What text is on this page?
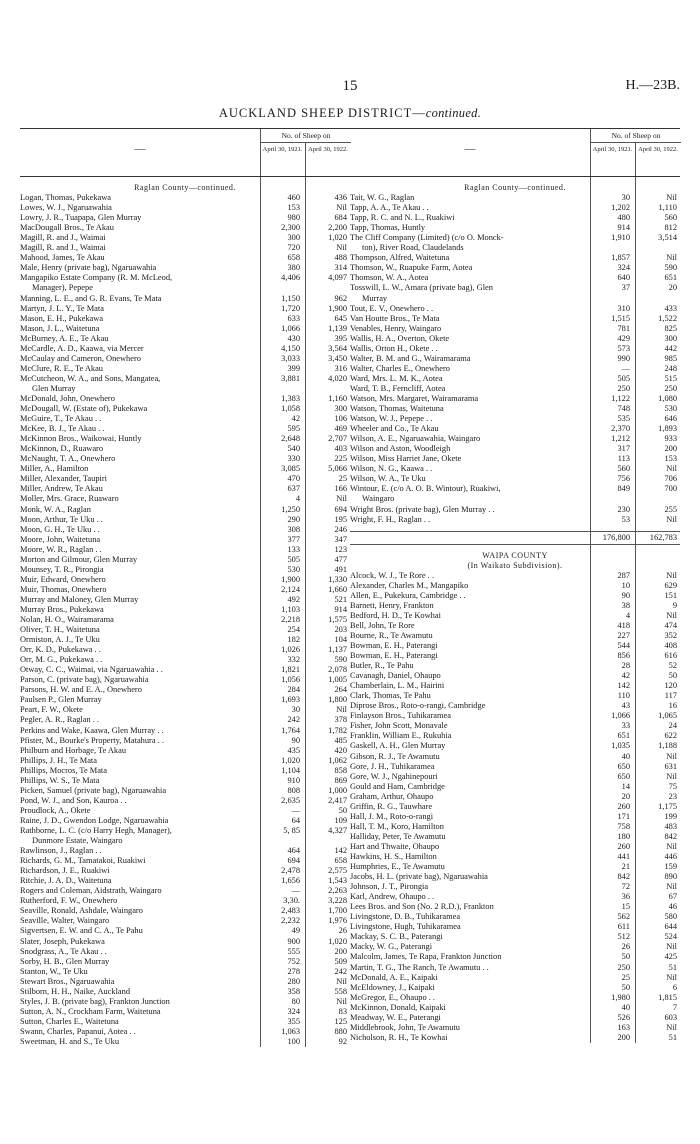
15	H.—23B.
AUCKLAND SHEEP DISTRICT—continued.
—
No. of Sheep on
April 30, 1921. April 30, 1922.
Raglan County—continued.
Logan, Thomas, Pukekawa	460	436
Lowes, W. J., Ngaruawahia	153	Nil
Lowry, J. R., Tuapapa, Glen Murray	980	684
MacDougall Bros., Te Akau	2,300	2,200
Magill, R. and J., Waimai	300	1,020
Magill, R. and J., Waimai	720	Nil
Mahood, James, Te Akau	658	488
Male, Henry (private bag), Ngaruawahia	380	314
Mangapiko Estate Company (R. M. McLeod,	4,406	4,097
Manager), Pepepe
Manning, L. E., and G. R. Evans, Te Mata	1,150	962
Martyn, J. L. Y., Te Mata	1,720	1,900
Mason, E. H., Pukekawa	633	645
Mason, J. L., Waitetuna	1,066	1,139
McBurney, A. E., Te Akau	430	395
McCardle, A. D., Kaawa, via Mercer	4,150	3,564
McCaulay and Cameron, Onewhero	3,033	3,450
McClure, R. E., Te Akau	399	316
McCutcheon, W. A., and Sons, Mangatea,	3,881	4,020
Glen Murray
McDonald, John, Onewhero	1,383	1,160
McDougall, W. (Estate of), Pukekawa	1,058	300
McGuire, T., Te Akau . .	42	106
McKee, B. J., Te Akau . .	595	469
McKinnon Bros., Waikowai, Huntly	2,648	2,707
McKinnon, D., Ruawaro	540	403
McNaught, T. A., Onewhero	330	225
Miller, A., Hamilton	3,085	5,066
Miller, Alexander, Taupiri	470	25
Miller, Andrew, Te Akau	637	166
Moller, Mrs. Grace, Ruawaro	4	Nil
Monk, W. A., Raglan	1,250	694
Moon, Arthur, Te Uku . .	290	195
Moon, G. H., Te Uku . .	308	246
Moore, John, Waitetuna	377	347
Moore, W. R., Raglan . .	133	123
Morton and Gilmour, Glen Murray	505	477
Mounsey, T. R., Pirongia	530	491
Muir, Edward, Onewhero	1,900	1,330
Muir, Thomas, Onewhero	2,124	1,660
Murray and Maloney, Glen Murray	492	521
Murray Bros., Pukekawa	1,103	914
Nolan, H. O., Wairamarama	2,218	1,575
Oliver, T. H., Waitetuna	254	203
Ormiston, A. J., Te Uku	182	104
Orr, K. D., Pukekawa . .	1,026	1,137
Orr, M. G., Pukekawa . .	332	590
Otway, C. C., Waimai, via Ngaruawahia . .	1,821	2,078
Parson, C. (private bag), Ngaruawahia	1,056	1,005
Parsons, H. W. and E. A., Onewhero	284	264
Paulsen P., Glen Murray	1,693	1,800
Peart, F. W., Okete	30	Nil
Pegler, A. R., Raglan . .	242	378
Perkins and Wake, Kaawa, Glen Murray . .	1,764	1,782
Pfister, M., Bourke's Property, Matahura . .	90	485
Philburn and Horbage, Te Akau	435	420
Phillips, J. H., Te Mata	1,020	1,062
Phillips, Mocros, Te Mata	1,104	858
Phillips, W. S., Te Mata	910	869
Picken, Samuel (private bag), Ngaruawahia	808	1,000
Pond, W. J., and Son, Kauroa . .	2,635	2,417
Proudlock, A., Okete	—	50
Raine, J. D., Gwendon Lodge, Ngaruawahia	64	109
Rathborne, L. C. (c/o Harry Hegh, Manager),	5, 85	4,327
Dunmore Estate, Waingaro
Rawlinson, J., Raglan . .	464	142
Richards, G. M., Tamatakoi, Ruakiwi	694	658
Richardson, J. E., Ruakiwi	2,478	2,575
Ritchie, J. A. D., Waitetuna	1,656	1,543
Rogers and Coleman, Aidstrath, Waingaro	—	2,263
Rutherford, F. W., Onewhero	3,30.	3,228
Seaville, Ronald, Ashdale, Waingaro	2,483	1,700
Seaville, Walter, Waingaro	2,232	1,976
Sigvertsen, E. W. and C. A., Te Pahu	49	26
Slater, Joseph, Pukekawa	900	1,020
Snodgrass, A., Te Akau . .	555	200
Sorby, H. B., Glen Murray	752	509
Stanton, W., Te Uku	278	242
Stewart Bros., Ngaruawahia	280	Nil
Stilborn, H. H., Naike, Auckland	358	558
Styles, J. B. (private bag), Frankton Junction	80	Nil
Sutton, A. N., Crockham Farm, Waitetuna	324	83
Sutton, Charles E., Waitetuna	355	125
Swann, Charles, Papanui, Aotea . .	1,063	880
Sweetman, H. and S., Te Uku	100	92
—
No. of Sheep on
April 30, 1921. April 30, 1922.
Raglan County—continued.
Tait, W. G., Raglan	30	Nil
Tapp, A. A., Te Akau . .	1,202	1,110
Tapp, R. C. and N. L., Ruakiwi	480	560
Tapp, Thomas, Huntly	914	812
The Cliff Company (Limited) (c/o O. Monck-	1,910	3,514
ton), River Road, Claudelands
Thompson, Alfred, Waitetuna	1,857	Nil
Thomson, W., Ruapuke Farm, Aotea	324	590
Thomson, W. A., Aotea	640	651
Tosswill, L. W., Amara (private bag), Glen	37	20
Murray
Tout, E. V., Onewhero . .	310	433
Van Houtte Bros., Te Mata	1,515	1,522
Venables, Henry, Waingaro	781	825
Wallis, H. A., Overton, Okete	429	300
Wallis, Orton H., Okete . .	573	442
Walter, B. M. and G., Wairamarama	990	985
Walter, Charles E., Onewhero	—	248
Ward, Mrs. L. M. K., Aotea	505	515
Ward, T. B., Ferncliff, Aotea	250	250
Watson, Mrs. Margaret, Wairamarama	1,122	1,080
Watson, Thomas, Waitetuna	748	530
Watson, W. J., Pepepe . .	535	646
Wheeler and Co., Te Akau	2,370	1,893
Wilson, A. E., Ngaruawahia, Waingaro	1,212	933
Wilson and Aston, Woodleigh	317	200
Wilson, Miss Harriet Jane, Okete	113	153
Wilson, N. G., Kaawa . .	560	Nil
Wilson, W. A., Te Uku	756	706
Wintour, E. (c/o A. O. B. Wintour), Ruakiwi,	849	700
Waingaro
Wright Bros. (private bag), Glen Murray . .	230	255
Wright, F. H., Raglan . .	53	Nil
176,800	162,783
WAIPA COUNTY
(In Waikato Subdivision).
Alcock, W. J., Te Rore . .	287	Nil
Alexander, Charles M., Mangapiko	10	629
Allen, E., Pukekura, Cambridge . .	90	151
Barnett, Henry, Frankton	38	9
Bedford, H. D., Te Kowhai	4	Nil
Bell, John, Te Rore	418	474
Bourne, R., Te Awamutu	227	352
Bowman, E. H., Paterangi	544	408
Bowman, E. H., Paterangi	856	616
Butler, R., Te Pahu	28	52
Cavanagh, Daniel, Ohaupo	42	50
Chamberlain, L. M., Hairini	142	120
Clark, Thomas, Te Pahu	110	117
Diprose Bros., Roto-o-rangi, Cambridge	43	16
Finlayson Bros., Tuhikaramea	1,066	1,065
Fisher, John Scott, Monavale	33	24
Franklin, William E., Rukuhia	651	622
Gaskell, A. H., Glen Murray	1,035	1,188
Gibson, R. J., Te Awamutu	40	Nil
Gore, J. H., Tuhikaramea	650	631
Gore, W. J., Ngahinepouri	650	Nil
Gould and Ham, Cambridge	14	75
Graham, Arthur, Ohaupo	20	23
Griffin, R. G., Tauwhare	260	1,175
Hall, J. M., Roto-o-rangi	171	199
Hall, T. M., Koro, Hamilton	758	483
Halliday, Peter, Te Awamutu	180	842
Hart and Thwaite, Ohaupo	260	Nil
Hawkins, H. S., Hamilton	441	446
Humphries, E., Te Awamutu	21	159
Jacobs, H. L. (private bag), Ngaruawahia	842	890
Johnson, J. T., Pirongia	72	Nil
Karl, Andrew, Ohaupo . .	36	67
Lees Bros. and Son (No. 2 R.D.), Frankton	15	46
Livingstone, D. B., Tuhikaramea	562	580
Livingstone, Hugh, Tuhikaramea	611	644
Mackay, S. C. B., Paterangi	512	524
Macky, W. G., Paterangi	26	Nil
Malcolm, James, Te Rapa, Frankton Junction	50	425
Martin, T. G., The Ranch, Te Awamutu . .	250	51
McDonald, A. E., Kaipaki	25	Nil
McEldowney, J., Kaipaki	50	6
McGregor, E., Ohaupo . .	1,980	1,815
McKinnon, Donald, Kaipaki	40	7
Meadway, W. E., Paterangi	526	603
Middlebrook, John, Te Awamutu	163	Nil
Nicholson, R. H., Te Kowhai	200	51
